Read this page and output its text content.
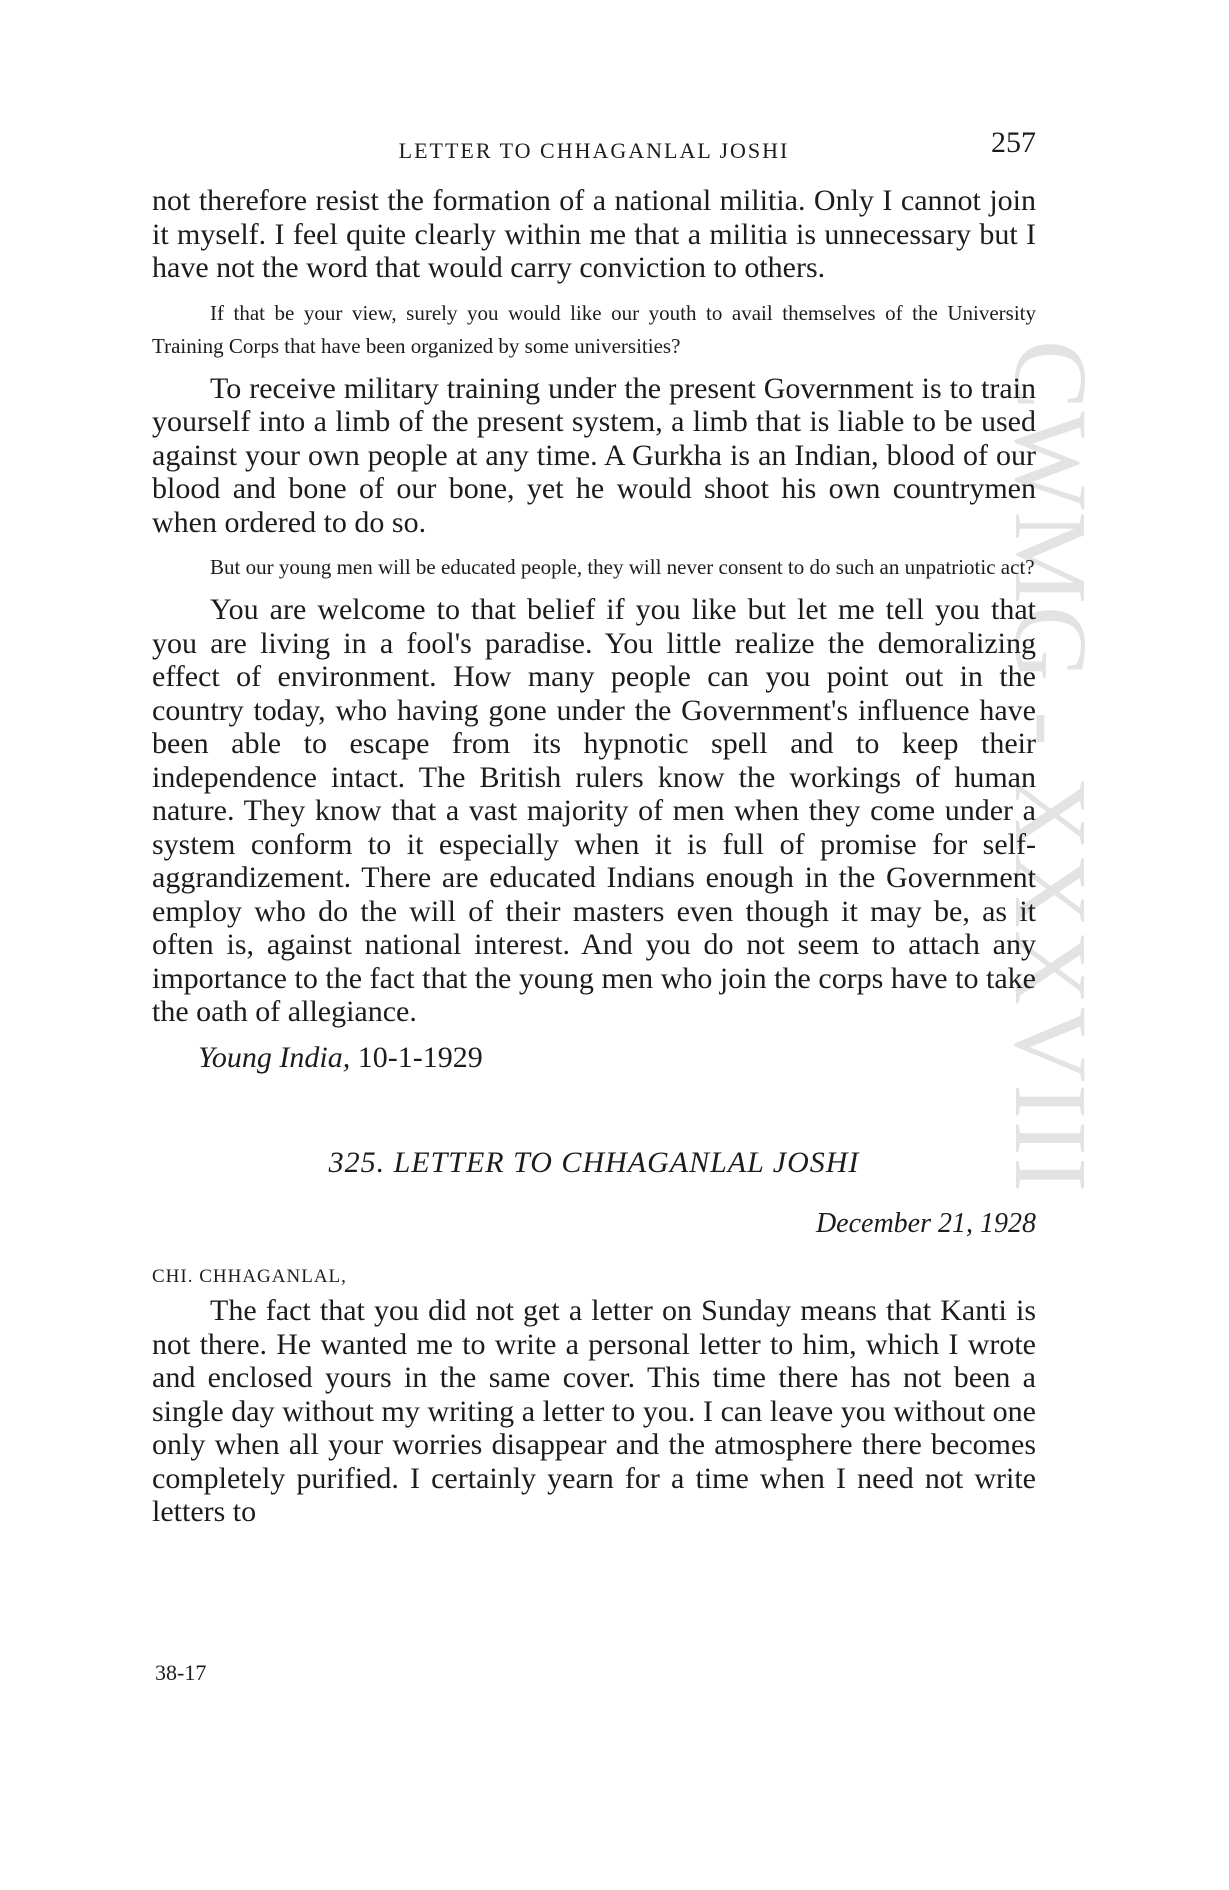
CWMG - XXXVIII
LETTER TO CHHAGANLAL JOSHI	257

not therefore resist the formation of a national militia. Only I cannot join it myself. I feel quite clearly within me that a militia is unnecessary but I have not the word that would carry conviction to others.

If that be your view, surely you would like our youth to avail themselves of the University Training Corps that have been organized by some universities?

To receive military training under the present Government is to train yourself into a limb of the present system, a limb that is liable to be used against your own people at any time. A Gurkha is an Indian, blood of our blood and bone of our bone, yet he would shoot his own countrymen when ordered to do so.

But our young men will be educated people, they will never consent to do such an unpatriotic act?

You are welcome to that belief if you like but let me tell you that you are living in a fool's paradise. You little realize the demoralizing effect of environment. How many people can you point out in the country today, who having gone under the Government's influence have been able to escape from its hypnotic spell and to keep their independence intact. The British rulers know the workings of human nature. They know that a vast majority of men when they come under a system conform to it especially when it is full of promise for self-aggrandizement. There are educated Indians enough in the Government employ who do the will of their masters even though it may be, as it often is, against national interest. And you do not seem to attach any importance to the fact that the young men who join the corps have to take the oath of allegiance.

Young India, 10-1-1929

325. LETTER TO CHHAGANLAL JOSHI

December 21, 1928

CHI. CHHAGANLAL,

The fact that you did not get a letter on Sunday means that Kanti is not there. He wanted me to write a personal letter to him, which I wrote and enclosed yours in the same cover. This time there has not been a single day without my writing a letter to you. I can leave you without one only when all your worries disappear and the atmosphere there becomes completely purified. I certainly yearn for a time when I need not write letters to

38-17
